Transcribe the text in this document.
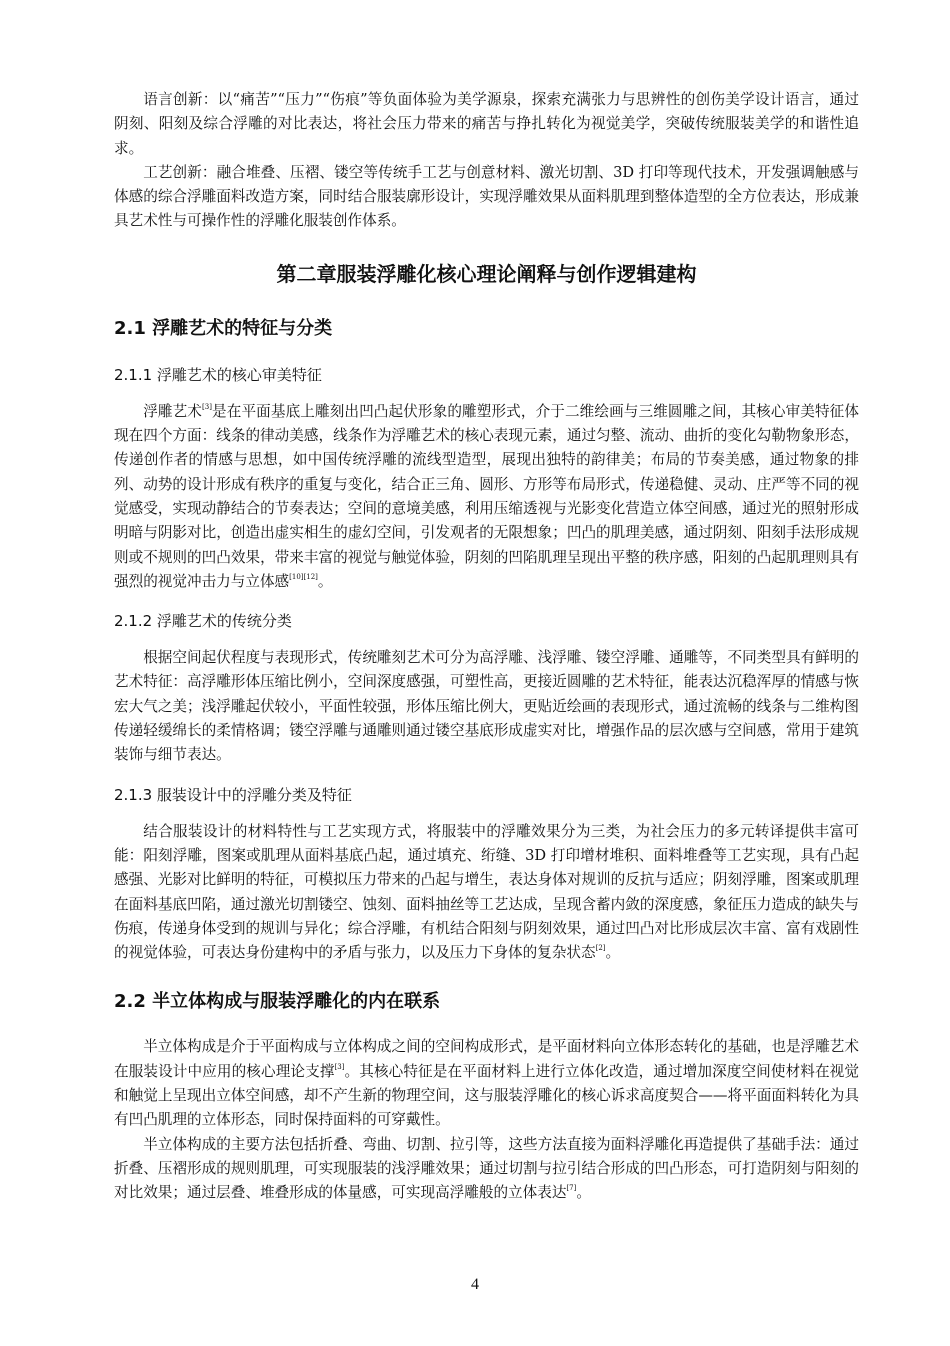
语言创新：以“痛苦”“压力”“伤痕”等负面体验为美学源泉，探索充满张力与思辨性的创伤美学设计语言，通过阴刻、阳刻及综合浮雕的对比表达，将社会压力带来的痛苦与挣扎转化为视觉美学，突破传统服装美学的和谐性追求。

工艺创新：融合堆叠、压褶、镂空等传统手工艺与创意材料、激光切割、3D 打印等现代技术，开发强调触感与体感的综合浮雕面料改造方案，同时结合服装廓形设计，实现浮雕效果从面料肌理到整体造型的全方位表达，形成兼具艺术性与可操作性的浮雕化服装创作体系。

第二章服装浮雕化核心理论阐释与创作逻辑建构
2.1 浮雕艺术的特征与分类
2.1.1 浮雕艺术的核心审美特征

浮雕艺术[3]是在平面基底上雕刻出凹凸起伏形象的雕塑形式，介于二维绘画与三维圆雕之间，其核心审美特征体现在四个方面：线条的律动美感，线条作为浮雕艺术的核心表现元素，通过匀整、流动、曲折的变化勾勒物象形态，传递创作者的情感与思想，如中国传统浮雕的流线型造型，展现出独特的韵律美；布局的节奏美感，通过物象的排列、动势的设计形成有秩序的重复与变化，结合正三角、圆形、方形等布局形式，传递稳健、灵动、庄严等不同的视觉感受，实现动静结合的节奏表达；空间的意境美感，利用压缩透视与光影变化营造立体空间感，通过光的照射形成明暗与阴影对比，创造出虚实相生的虚幻空间，引发观者的无限想象；凹凸的肌理美感，通过阴刻、阳刻手法形成规则或不规则的凹凸效果，带来丰富的视觉与触觉体验，阴刻的凹陷肌理呈现出平整的秩序感，阳刻的凸起肌理则具有强烈的视觉冲击力与立体感[10][12]。

2.1.2 浮雕艺术的传统分类

根据空间起伏程度与表现形式，传统雕刻艺术可分为高浮雕、浅浮雕、镂空浮雕、通雕等，不同类型具有鲜明的艺术特征：高浮雕形体压缩比例小，空间深度感强，可塑性高，更接近圆雕的艺术特征，能表达沉稳浑厚的情感与恢宏大气之美；浅浮雕起伏较小，平面性较强，形体压缩比例大，更贴近绘画的表现形式，通过流畅的线条与二维构图传递轻缓绵长的柔情格调；镂空浮雕与通雕则通过镂空基底形成虚实对比，增强作品的层次感与空间感，常用于建筑装饰与细节表达。

2.1.3 服装设计中的浮雕分类及特征

结合服装设计的材料特性与工艺实现方式，将服装中的浮雕效果分为三类，为社会压力的多元转译提供丰富可能：阳刻浮雕，图案或肌理从面料基底凸起，通过填充、绗缝、3D 打印增材堆积、面料堆叠等工艺实现，具有凸起感强、光影对比鲜明的特征，可模拟压力带来的凸起与增生，表达身体对规训的反抗与适应；阴刻浮雕，图案或肌理在面料基底凹陷，通过激光切割镂空、蚀刻、面料抽丝等工艺达成，呈现含蓄内敛的深度感，象征压力造成的缺失与伤痕，传递身体受到的规训与异化；综合浮雕，有机结合阳刻与阴刻效果，通过凹凸对比形成层次丰富、富有戏剧性的视觉体验，可表达身份建构中的矛盾与张力，以及压力下身体的复杂状态[2]。

2.2 半立体构成与服装浮雕化的内在联系

半立体构成是介于平面构成与立体构成之间的空间构成形式，是平面材料向立体形态转化的基础，也是浮雕艺术在服装设计中应用的核心理论支撑[3]。其核心特征是在平面材料上进行立体化改造，通过增加深度空间使材料在视觉和触觉上呈现出立体空间感，却不产生新的物理空间，这与服装浮雕化的核心诉求高度契合——将平面面料转化为具有凹凸肌理的立体形态，同时保持面料的可穿戴性。

半立体构成的主要方法包括折叠、弯曲、切割、拉引等，这些方法直接为面料浮雕化再造提供了基础手法：通过折叠、压褶形成的规则肌理，可实现服装的浅浮雕效果；通过切割与拉引结合形成的凹凸形态，可打造阴刻与阳刻的对比效果；通过层叠、堆叠形成的体量感，可实现高浮雕般的立体表达[7]。

4
